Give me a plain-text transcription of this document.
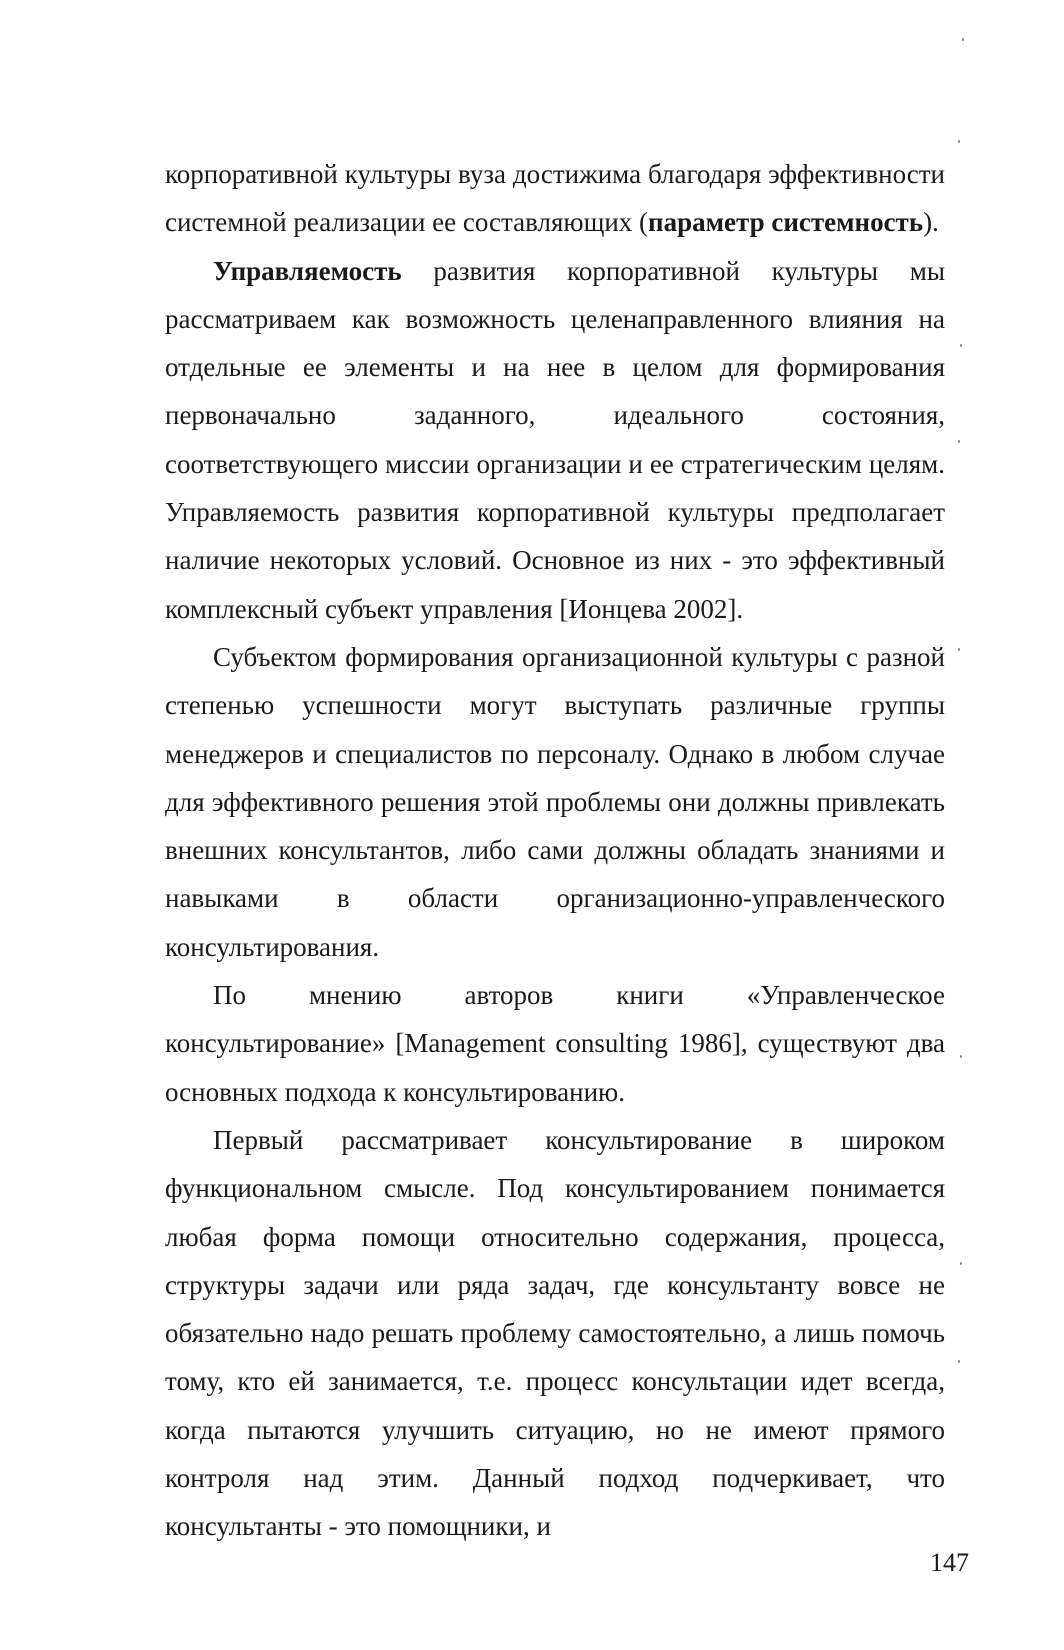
корпоративной культуры вуза достижима благодаря эффективности системной реализации ее составляющих (параметр системность).

Управляемость развития корпоративной культуры мы рассматриваем как возможность целенаправленного влияния на отдельные ее элементы и на нее в целом для формирования первоначально заданного, идеального состояния, соответствующего миссии организации и ее стратегическим целям. Управляемость развития корпоративной культуры предполагает наличие некоторых условий. Основное из них - это эффективный комплексный субъект управления [Ионцева 2002].

Субъектом формирования организационной культуры с разной степенью успешности могут выступать различные группы менеджеров и специалистов по персоналу. Однако в любом случае для эффективного решения этой проблемы они должны привлекать внешних консультантов, либо сами должны обладать знаниями и навыками в области организационно-управленческого консультирования.

По мнению авторов книги «Управленческое консультирование» [Management consulting 1986], существуют два основных подхода к консультированию.

Первый рассматривает консультирование в широком функциональном смысле. Под консультированием понимается любая форма помощи относительно содержания, процесса, структуры задачи или ряда задач, где консультанту вовсе не обязательно надо решать проблему самостоятельно, а лишь помочь тому, кто ей занимается, т.е. процесс консультации идет всегда, когда пытаются улучшить ситуацию, но не имеют прямого контроля над этим. Данный подход подчеркивает, что консультанты - это помощники, и

147
